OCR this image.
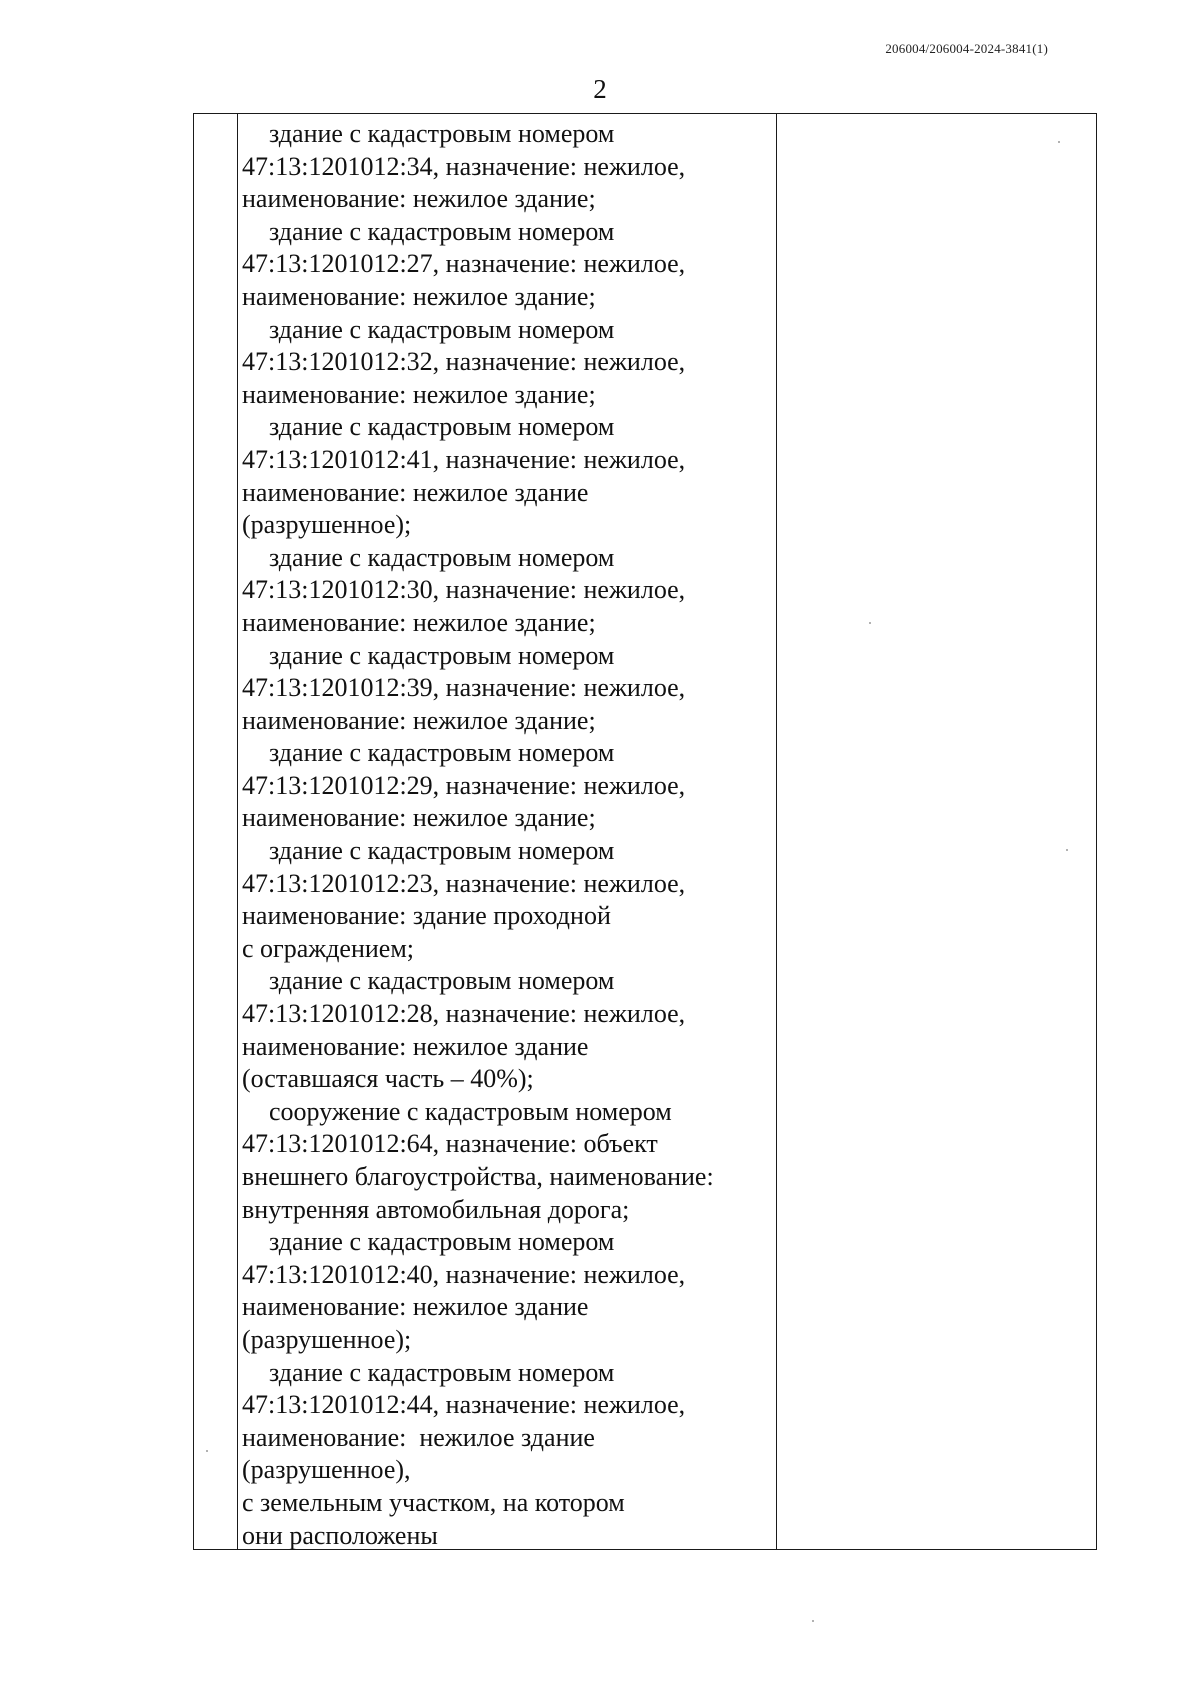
206004/206004-2024-3841(1)
2
здание с кадастровым номером
47:13:1201012:34, назначение: нежилое,
наименование: нежилое здание;
здание с кадастровым номером
47:13:1201012:27, назначение: нежилое,
наименование: нежилое здание;
здание с кадастровым номером
47:13:1201012:32, назначение: нежилое,
наименование: нежилое здание;
здание с кадастровым номером
47:13:1201012:41, назначение: нежилое,
наименование: нежилое здание
(разрушенное);
здание с кадастровым номером
47:13:1201012:30, назначение: нежилое,
наименование: нежилое здание;
здание с кадастровым номером
47:13:1201012:39, назначение: нежилое,
наименование: нежилое здание;
здание с кадастровым номером
47:13:1201012:29, назначение: нежилое,
наименование: нежилое здание;
здание с кадастровым номером
47:13:1201012:23, назначение: нежилое,
наименование: здание проходной
с ограждением;
здание с кадастровым номером
47:13:1201012:28, назначение: нежилое,
наименование: нежилое здание
(оставшаяся часть – 40%);
сооружение с кадастровым номером
47:13:1201012:64, назначение: объект
внешнего благоустройства, наименование:
внутренняя автомобильная дорога;
здание с кадастровым номером
47:13:1201012:40, назначение: нежилое,
наименование: нежилое здание
(разрушенное);
здание с кадастровым номером
47:13:1201012:44, назначение: нежилое,
наименование:  нежилое здание
(разрушенное),
с земельным участком, на котором
они расположены
